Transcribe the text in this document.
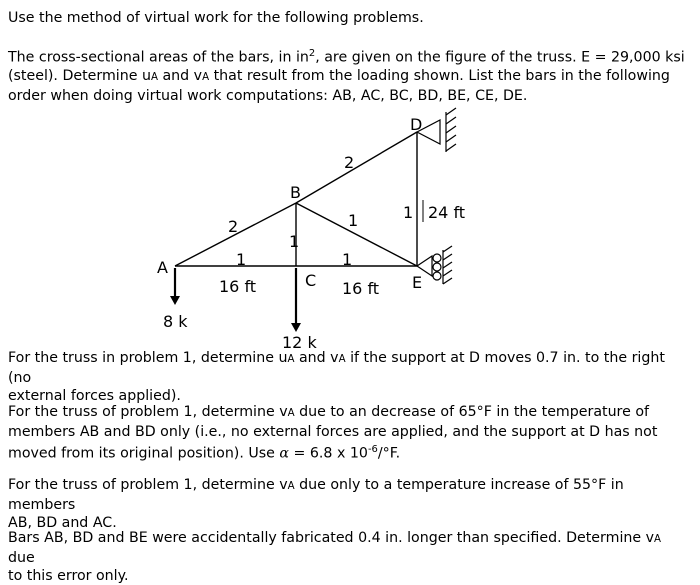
Use the method of virtual work for the following problems.

The cross-sectional areas of the bars, in $in^2$, are given on the figure of the truss. E = 29,000 ksi
(steel). Determine uA and vA that result from the loading shown. List the bars in the following
order when doing virtual work computations: AB, AC, BC, BD, BE, CE, DE.
A
B
C
D
E
2
2
1	1
1
1	1
16 ft	16 ft
24 ft
8 k
12 k
For the truss in problem 1, determine uA and vA if the support at D moves 0.7 in. to the right (no
external forces applied).
For the truss of problem 1, determine vA due to an decrease of 65°F in the temperature of
members AB and BD only (i.e., no external forces are applied, and the support at D has not
moved from its original position). Use α = 6.8 x $10^{-6}/^\circ F$.
For the truss of problem 1, determine vA due only to a temperature increase of 55°F in members
AB, BD and AC.
Bars AB, BD and BE were accidentally fabricated 0.4 in. longer than specified. Determine vA due
to this error only.
